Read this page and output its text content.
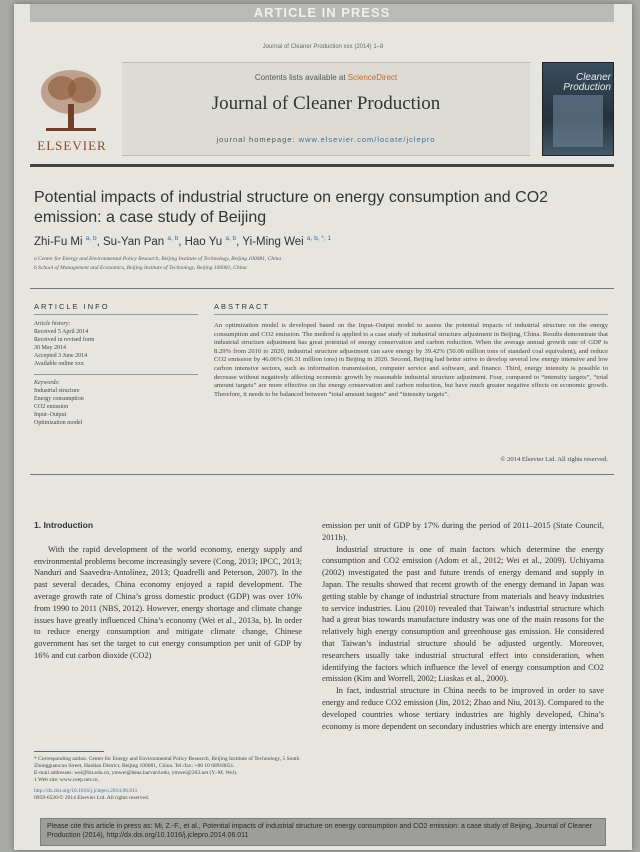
ARTICLE IN PRESS
Journal of Cleaner Production xxx (2014) 1–8
ELSEVIER
Contents lists available at ScienceDirect
Journal of Cleaner Production
journal homepage: www.elsevier.com/locate/jclepro
Cleaner Production
Potential impacts of industrial structure on energy consumption and CO2 emission: a case study of Beijing
Zhi-Fu Mi $^{a, b}$, Su-Yan Pan $^{a, b}$, Hao Yu $^{a, b}$, Yi-Ming Wei $^{a, b, *, 1}$
a Center for Energy and Environmental Policy Research, Beijing Institute of Technology, Beijing 100081, China
b School of Management and Economics, Beijing Institute of Technology, Beijing 100081, China
ARTICLE INFO	ABSTRACT
Article history:
Received 5 April 2014
Received in revised form
30 May 2014
Accepted 3 June 2014
Available online xxx
Keywords:
Industrial structure
Energy consumption
CO2 emission
Input–Output
Optimization model
An optimization model is developed based on the Input–Output model to assess the potential impacts of industrial structure on the energy consumption and CO2 emission. The method is applied to a case study of industrial structure adjustment in Beijing, China. Results demonstrate that industrial structure adjustment has great potential of energy conservation and carbon reduction. When the average annual growth rate of GDP is 8.29% from 2010 to 2020, industrial structure adjustment can save energy by 39.42% (50.06 million tons of standard coal equivalent), and reduce CO2 emission by 46.06% (96.31 million tons) in Beijing in 2020. Second, Beijing had better strive to develop several low energy intensive and low carbon intensive sectors, such as information transmission, computer service and software, and finance. Third, energy intensity is possible to decrease without negatively affecting economic growth by reasonable industrial structure adjustment. Four, compared to “intensity targets”, “total amount targets” are more effective on the energy conservation and carbon reduction, but have much greater negative effects on economic growth. Therefore, it needs to be balanced between “total amount targets” and “intensity targets”.
© 2014 Elsevier Ltd. All rights reserved.
1. Introduction

With the rapid development of the world economy, energy supply and environmental problems become increasingly severe (Cong, 2013; IPCC, 2013; Nanduri and Saavedra-Antolínez, 2013; Quadrelli and Peterson, 2007). In the past several decades, China economy enjoyed a rapid development. The average growth rate of China’s gross domestic product (GDP) was over 10% from 1990 to 2011 (NBS, 2012). However, energy shortage and climate change issues have greatly influenced China’s economy (Wei et al., 2013a, b). In order to reduce energy consumption and mitigate climate change, Chinese government has set the target to cut energy consumption per unit of GDP by 16% and cut carbon dioxide (CO2)

emission per unit of GDP by 17% during the period of 2011–2015 (State Council, 2011b).

Industrial structure is one of main factors which determine the energy consumption and CO2 emission (Adom et al., 2012; Wei et al., 2009). Uchiyama (2002) investigated the past and future trends of energy demand and supply in Japan. The results showed that recent growth of the energy demand in Japan was getting stable by change of industrial structure from materials and heavy industries to service industries. Liou (2010) revealed that Taiwan’s industrial structure which had a great bias towards manufacture industry was one of the main reasons for the relatively high energy consumption and greenhouse gas emission. He considered that Taiwan’s industrial structure should be adjusted urgently. Moreover, researchers usually take industrial structural effect into consideration, when identifying the factors which influence the level of energy consumption and CO2 emission (Kim and Worrell, 2002; Liaskas et al., 2000).

In fact, industrial structure in China needs to be improved in order to save energy and reduce CO2 emission (Jin, 2012; Zhao and Niu, 2013). Compared to the developed countries whose tertiary industries are highly developed, China’s economy is more dependent on secondary industries which are energy intensive and

* Corresponding author. Center for Energy and Environmental Policy Research, Beijing Institute of Technology, 5 South Zhongguancun Street, Haidian District, Beijing 100081, China. Tel./fax: +86 10 68918651.
E-mail addresses: wei@bit.edu.cn, ymwei@deas.harvard.edu, ymwei@263.net (Y.-M. Wei).
1 Web site: www.ceep.net.cn.
http://dx.doi.org/10.1016/j.jclepro.2014.06.011
0959-6526/© 2014 Elsevier Ltd. All rights reserved.
Please cite this article in press as: Mi, Z.-F., et al., Potential impacts of industrial structure on energy consumption and CO2 emission: a case study of Beijing, Journal of Cleaner Production (2014), http://dx.doi.org/10.1016/j.jclepro.2014.06.011
